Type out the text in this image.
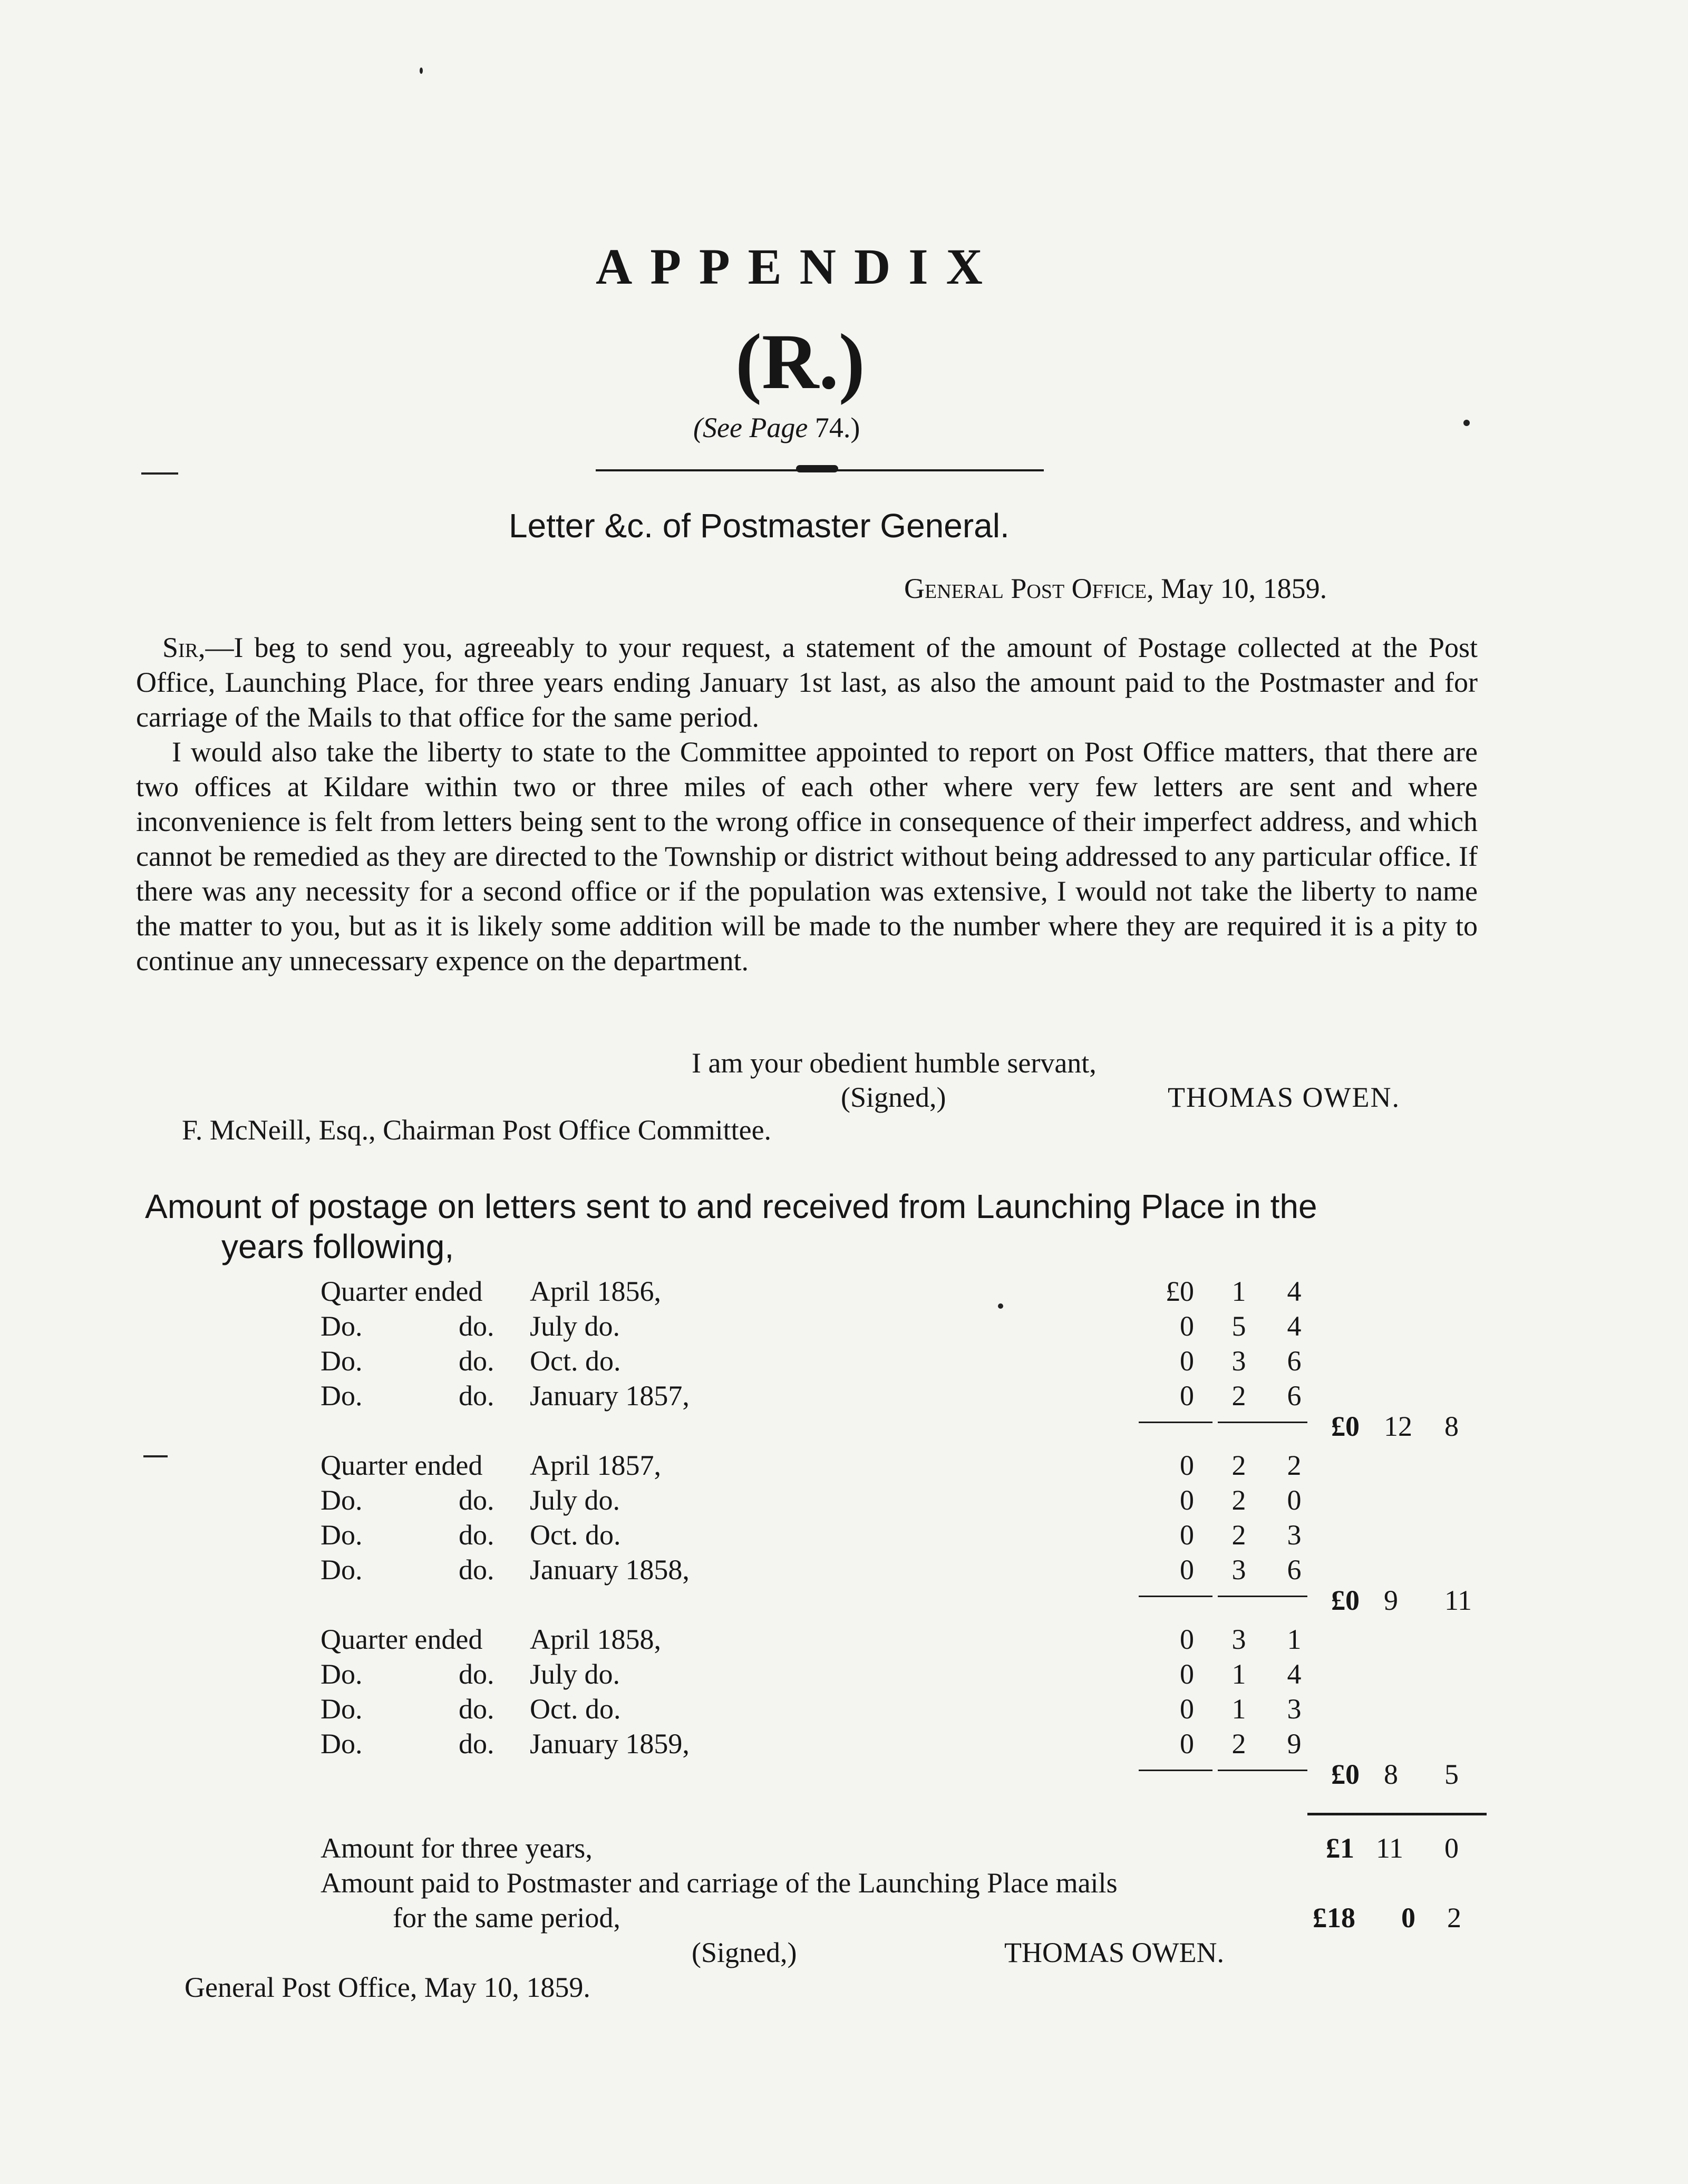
APPENDIX
(R.)
(See Page 74.)
Letter &c. of Postmaster General.
General Post Office, May 10, 1859.

Sir,—I beg to send you, agreeably to your request, a statement of the amount of Postage collected at the Post Office, Launching Place, for three years ending January 1st last, as also the amount paid to the Postmaster and for carriage of the Mails to that office for the same period.

I would also take the liberty to state to the Committee appointed to report on Post Office matters, that there are two offices at Kildare within two or three miles of each other where very few letters are sent and where inconvenience is felt from letters being sent to the wrong office in consequence of their imperfect address, and which cannot be remedied as they are directed to the Township or district without being addressed to any particular office. If there was any necessity for a second office or if the population was extensive, I would not take the liberty to name the matter to you, but as it is likely some addition will be made to the number where they are required it is a pity to continue any unnecessary expence on the department.

I am your obedient humble servant,
(Signed,)	THOMAS OWEN.
F. McNeill, Esq., Chairman Post Office Committee.
Amount of postage on letters sent to and received from Launching Place in the
years following,
Quarter ended April 1856,	£0 1 4
Do.	do. July do.	0 5 4
Do.	do. Oct. do.	0 3 6
Do.	do. January 1857,	0 2 6
£0 12 8
Quarter ended April 1857,	0 2 2
Do.	do. July do.	0 2 0
Do.	do. Oct. do.	0 2 3
Do.	do. January 1858,	0 3 6
£0 9 11
Quarter ended April 1858,	0 3 1
Do.	do. July do.	0 1 4
Do.	do. Oct. do.	0 1 3
Do.	do. January 1859,	0 2 9
£0 8 5
Amount for three years,	£1 11 0
Amount paid to Postmaster and carriage of the Launching Place mails
for the same period,	£18 0 2
(Signed,)	THOMAS OWEN.
General Post Office, May 10, 1859.
